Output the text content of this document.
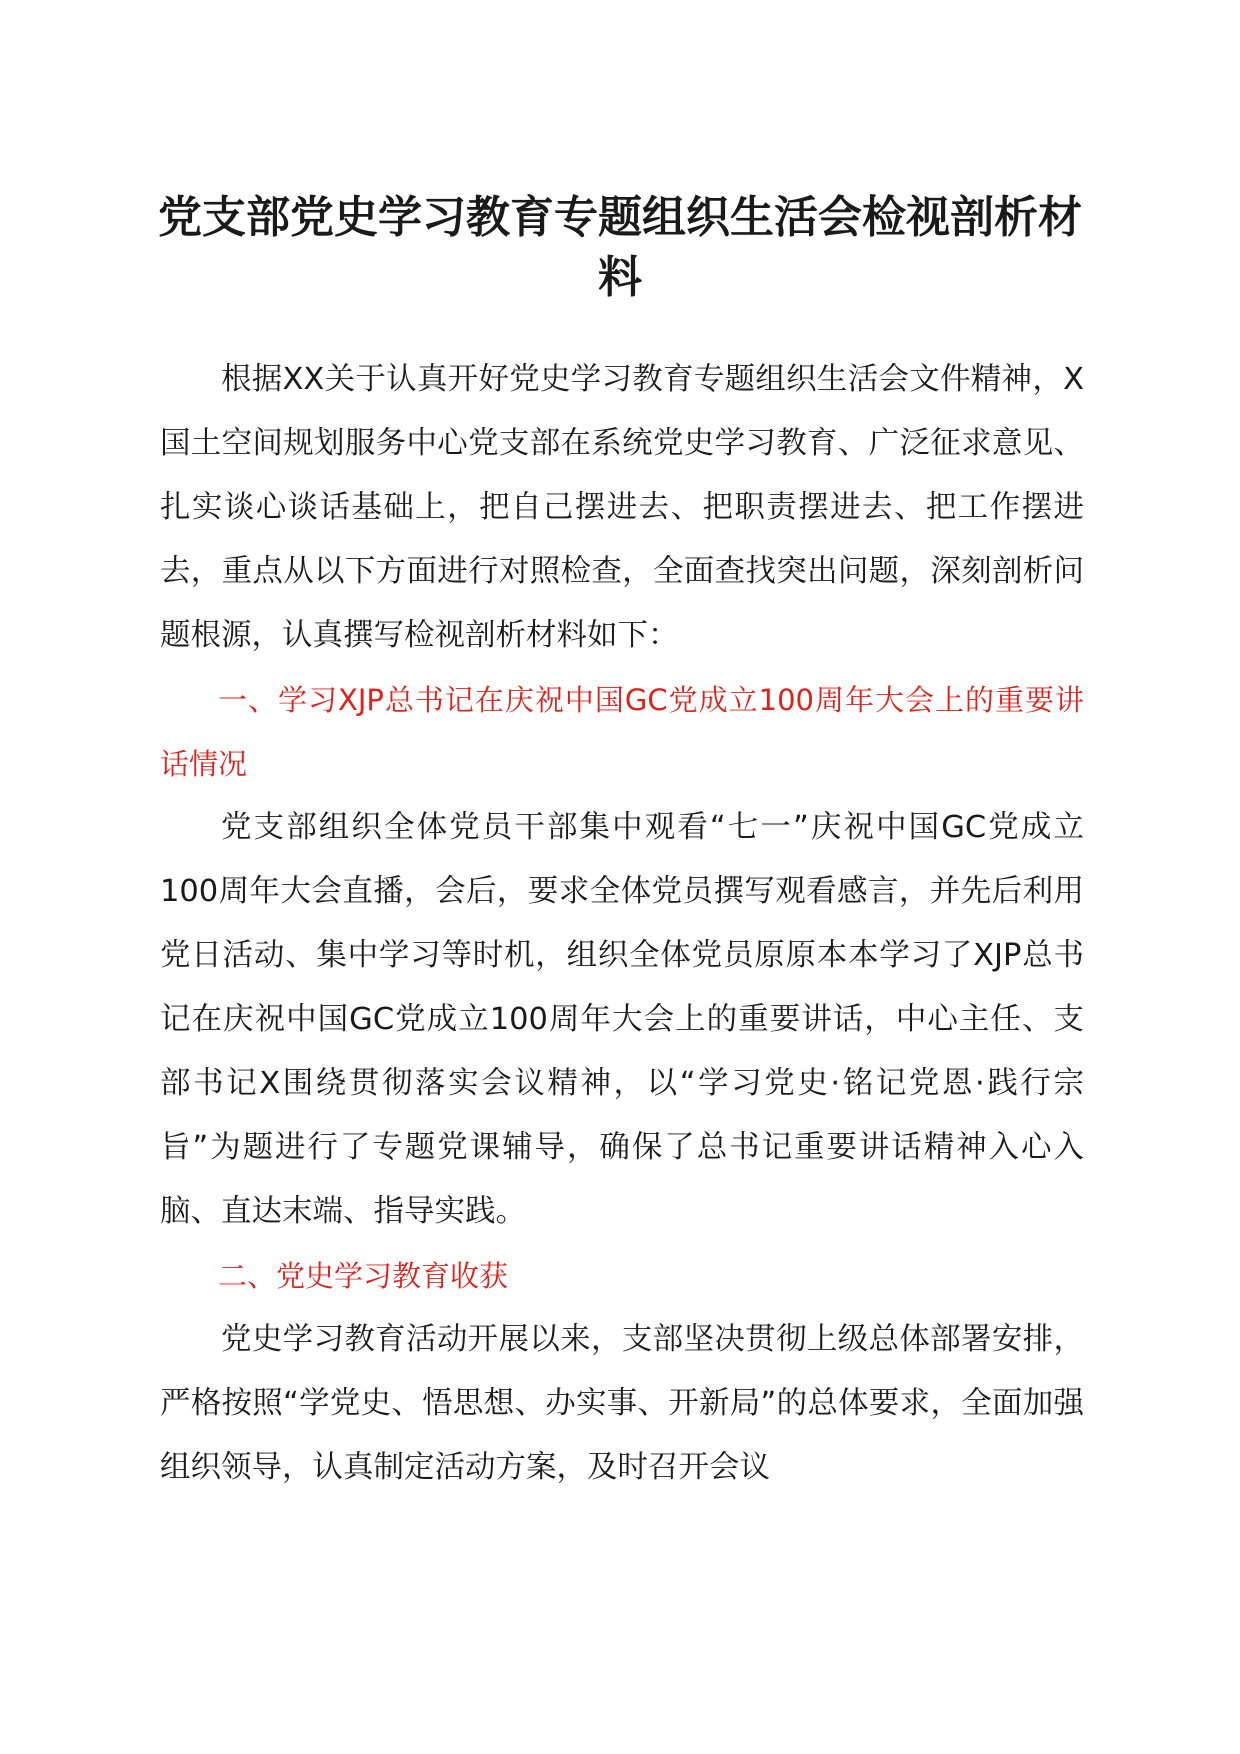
党支部党史学习教育专题组织生活会检视剖析材料

根据XX关于认真开好党史学习教育专题组织生活会文件精神，X国土空间规划服务中心党支部在系统党史学习教育、广泛征求意见、扎实谈心谈话基础上，把自己摆进去、把职责摆进去、把工作摆进去，重点从以下方面进行对照检查，全面查找突出问题，深刻剖析问题根源，认真撰写检视剖析材料如下：

一、学习XJP总书记在庆祝中国GC党成立100周年大会上的重要讲话情况

党支部组织全体党员干部集中观看“七一”庆祝中国GC党成立100周年大会直播，会后，要求全体党员撰写观看感言，并先后利用党日活动、集中学习等时机，组织全体党员原原本本学习了XJP总书记在庆祝中国GC党成立100周年大会上的重要讲话，中心主任、支部书记X围绕贯彻落实会议精神，以“学习党史·铭记党恩·践行宗旨”为题进行了专题党课辅导，确保了总书记重要讲话精神入心入脑、直达末端、指导实践。

二、党史学习教育收获

党史学习教育活动开展以来，支部坚决贯彻上级总体部署安排，严格按照“学党史、悟思想、办实事、开新局”的总体要求，全面加强组织领导，认真制定活动方案，及时召开会议
